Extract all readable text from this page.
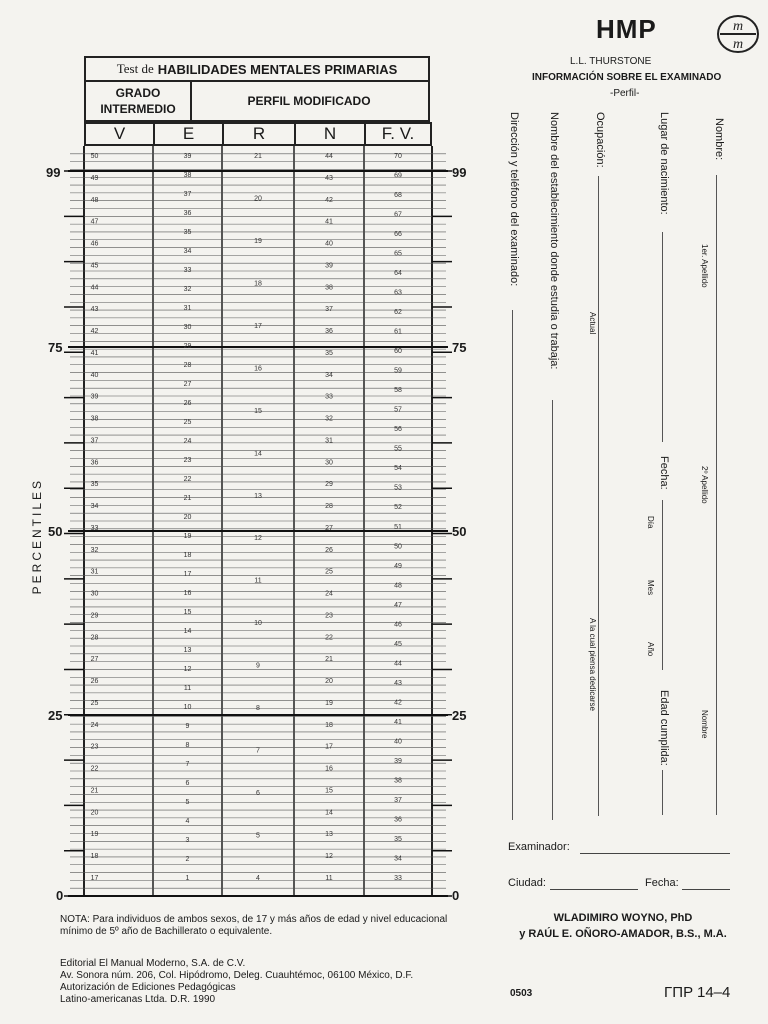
HMP	m
m
L.L. THURSTONE
INFORMACIÓN SOBRE EL EXAMINADO
-Perfil-
Test de HABILIDADES MENTALES PRIMARIAS
GRADO
INTERMEDIO
PERFIL MODIFICADO
V	E	R	N	F. V.
50
49
48
47
46
45
44
43
42
41
40
39
38
37
36
35
34
33
32
31
30
29
28
27
26
25
24
23
22
21
20
19
18
17
39
38
37
36
35
34
33
32
31
30
29
28
27
26
25
24
23
22
21
20
19
18
17
16
15
14
13
12
11
10
9
8
7
6
5
4
3
2
1
21
20
19
18
17
16
15
14
13
12
11
10
9
8
7
6
5
4
44
43
42
41
40
39
38
37
36
35
34
33
32
31
30
29
28
27
26
25
24
23
22
21
20
19
18
17
16
15
14
13
12
11
70
69
68
67
66
65
64
63
62
61
60
59
58
57
56
55
54
53
52
51
50
49
48
47
46
45
44
43
42
41
40
39
38
37
36
35
34
33
99	99
75	75
50	50
25	25
0	0
PERCENTILES
Nombre:
1er. Apellido
2º Apellido
Nombre
Lugar de nacimiento:
Fecha:
Día
Mes
Año
Edad cumplida:
Ocupación:
Actual
A la cual piensa dedicarse
Nombre del establecimiento donde estudia o trabaja:
Dirección y teléfono del examinado:
Examinador:
Ciudad:	Fecha:
WLADIMIRO WOYNO, PhD
y RAÚL E. OÑORO-AMADOR, B.S., M.A.
NOTA: Para individuos de ambos sexos, de 17 y más años de edad y nivel educacional mínimo de 5º año de Bachillerato o equivalente.
Editorial El Manual Moderno, S.A. de C.V.
Av. Sonora núm. 206, Col. Hipódromo, Deleg. Cuauhtémoc, 06100 México, D.F.
Autorización de Ediciones Pedagógicas
Latino-americanas Ltda. D.R. 1990
0503	ΓΠP 14–4
